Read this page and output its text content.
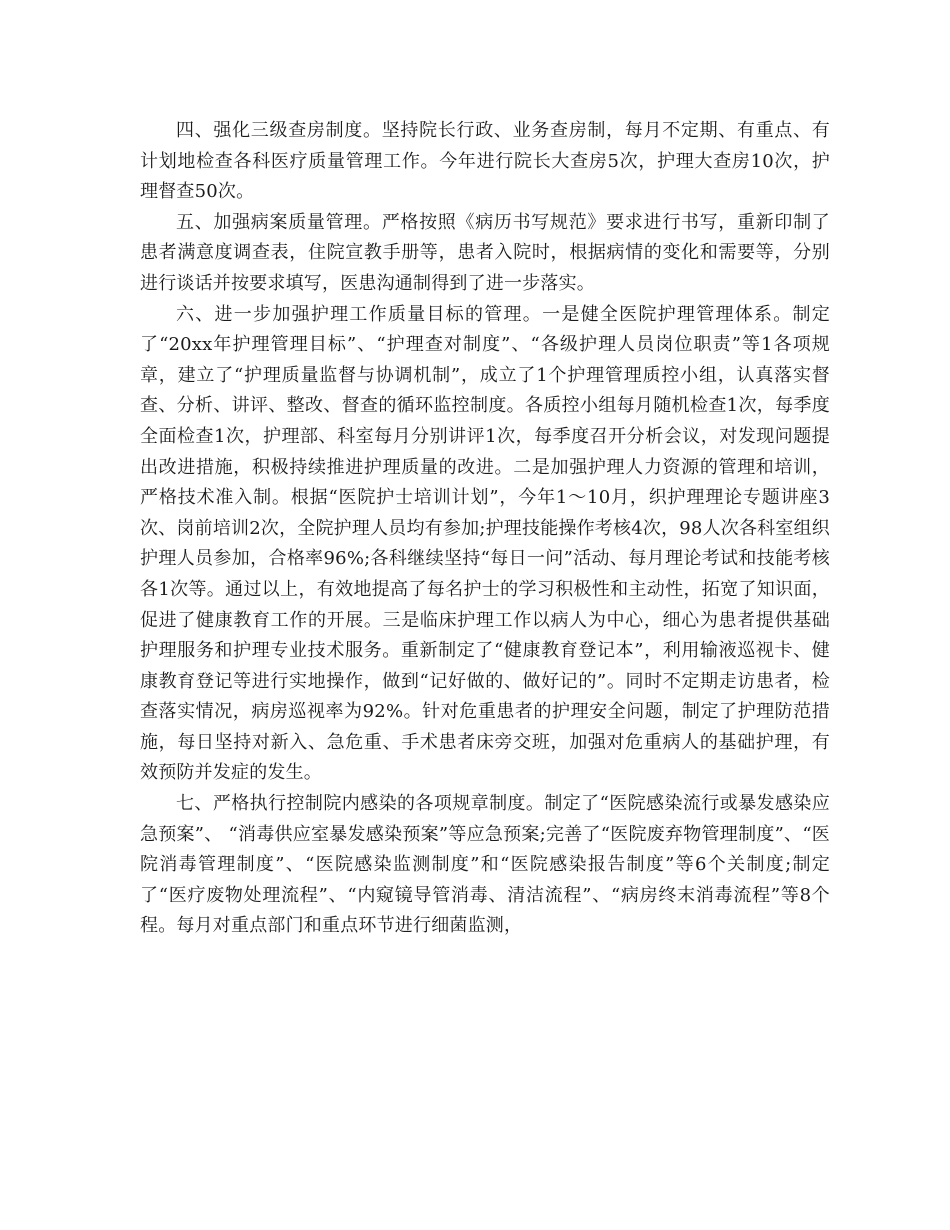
四、强化三级查房制度。坚持院长行政、业务查房制，每月不定期、有重点、有计划地检查各科医疗质量管理工作。今年进行院长大查房5次，护理大查房10次，护理督查50次。

五、加强病案质量管理。严格按照《病历书写规范》要求进行书写，重新印制了患者满意度调查表，住院宣教手册等，患者入院时，根据病情的变化和需要等，分别进行谈话并按要求填写，医患沟通制得到了进一步落实。

六、进一步加强护理工作质量目标的管理。一是健全医院护理管理体系。制定了“20xx年护理管理目标”、“护理查对制度”、“各级护理人员岗位职责”等1各项规章，建立了“护理质量监督与协调机制”，成立了1个护理管理质控小组，认真落实督查、分析、讲评、整改、督查的循环监控制度。各质控小组每月随机检查1次，每季度全面检查1次，护理部、科室每月分别讲评1次，每季度召开分析会议，对发现问题提出改进措施，积极持续推进护理质量的改进。二是加强护理人力资源的管理和培训，严格技术准入制。根据“医院护士培训计划”，今年1～10月，织护理理论专题讲座3次、岗前培训2次，全院护理人员均有参加;护理技能操作考核4次，98人次各科室组织护理人员参加，合格率96%;各科继续坚持“每日一问”活动、每月理论考试和技能考核各1次等。通过以上，有效地提高了每名护士的学习积极性和主动性，拓宽了知识面，促进了健康教育工作的开展。三是临床护理工作以病人为中心，细心为患者提供基础护理服务和护理专业技术服务。重新制定了“健康教育登记本”，利用输液巡视卡、健康教育登记等进行实地操作，做到“记好做的、做好记的”。同时不定期走访患者，检查落实情况，病房巡视率为92%。针对危重患者的护理安全问题，制定了护理防范措施，每日坚持对新入、急危重、手术患者床旁交班，加强对危重病人的基础护理，有效预防并发症的发生。

七、严格执行控制院内感染的各项规章制度。制定了“医院感染流行或暴发感染应急预案”、 “消毒供应室暴发感染预案”等应急预案;完善了“医院废弃物管理制度”、“医院消毒管理制度”、“医院感染监测制度”和“医院感染报告制度”等6个关制度;制定了“医疗废物处理流程”、“内窥镜导管消毒、清洁流程”、“病房终末消毒流程”等8个程。每月对重点部门和重点环节进行细菌监测，
